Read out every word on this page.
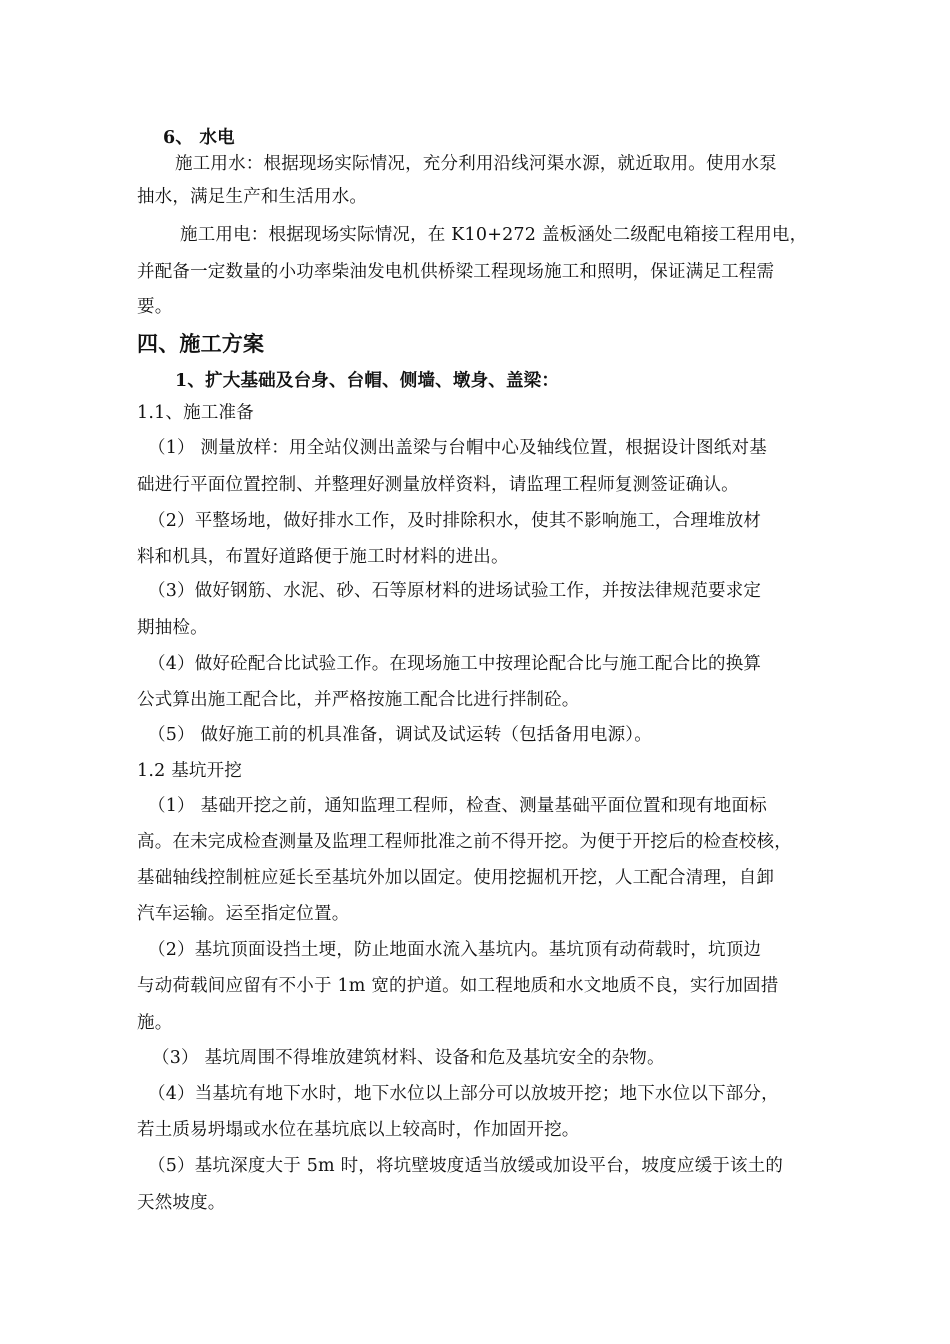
6、 水电
施工用水：根据现场实际情况，充分利用沿线河渠水源，就近取用。使用水泵
抽水，满足生产和生活用水。
施工用电：根据现场实际情况，在 K10+272 盖板涵处二级配电箱接工程用电，
并配备一定数量的小功率柴油发电机供桥梁工程现场施工和照明，保证满足工程需
要。
四、施工方案
1、扩大基础及台身、台帽、侧墙、墩身、盖梁：
1.1、施工准备
（1） 测量放样：用全站仪测出盖梁与台帽中心及轴线位置，根据设计图纸对基
础进行平面位置控制、并整理好测量放样资料，请监理工程师复测签证确认。
（2）平整场地，做好排水工作，及时排除积水，使其不影响施工，合理堆放材
料和机具，布置好道路便于施工时材料的进出。
（3）做好钢筋、水泥、砂、石等原材料的进场试验工作，并按法律规范要求定
期抽检。
（4）做好砼配合比试验工作。在现场施工中按理论配合比与施工配合比的换算
公式算出施工配合比，并严格按施工配合比进行拌制砼。
（5） 做好施工前的机具准备，调试及试运转（包括备用电源）。
1.2 基坑开挖
（1） 基础开挖之前，通知监理工程师，检查、测量基础平面位置和现有地面标
高。在未完成检查测量及监理工程师批准之前不得开挖。为便于开挖后的检查校核，
基础轴线控制桩应延长至基坑外加以固定。使用挖掘机开挖，人工配合清理，自卸
汽车运输。运至指定位置。
（2）基坑顶面设挡土埂，防止地面水流入基坑内。基坑顶有动荷载时，坑顶边
与动荷载间应留有不小于 1m 宽的护道。如工程地质和水文地质不良，实行加固措
施。
（3） 基坑周围不得堆放建筑材料、设备和危及基坑安全的杂物。
（4）当基坑有地下水时，地下水位以上部分可以放坡开挖；地下水位以下部分，
若土质易坍塌或水位在基坑底以上较高时，作加固开挖。
（5）基坑深度大于 5m 时，将坑壁坡度适当放缓或加设平台，坡度应缓于该土的
天然坡度。
